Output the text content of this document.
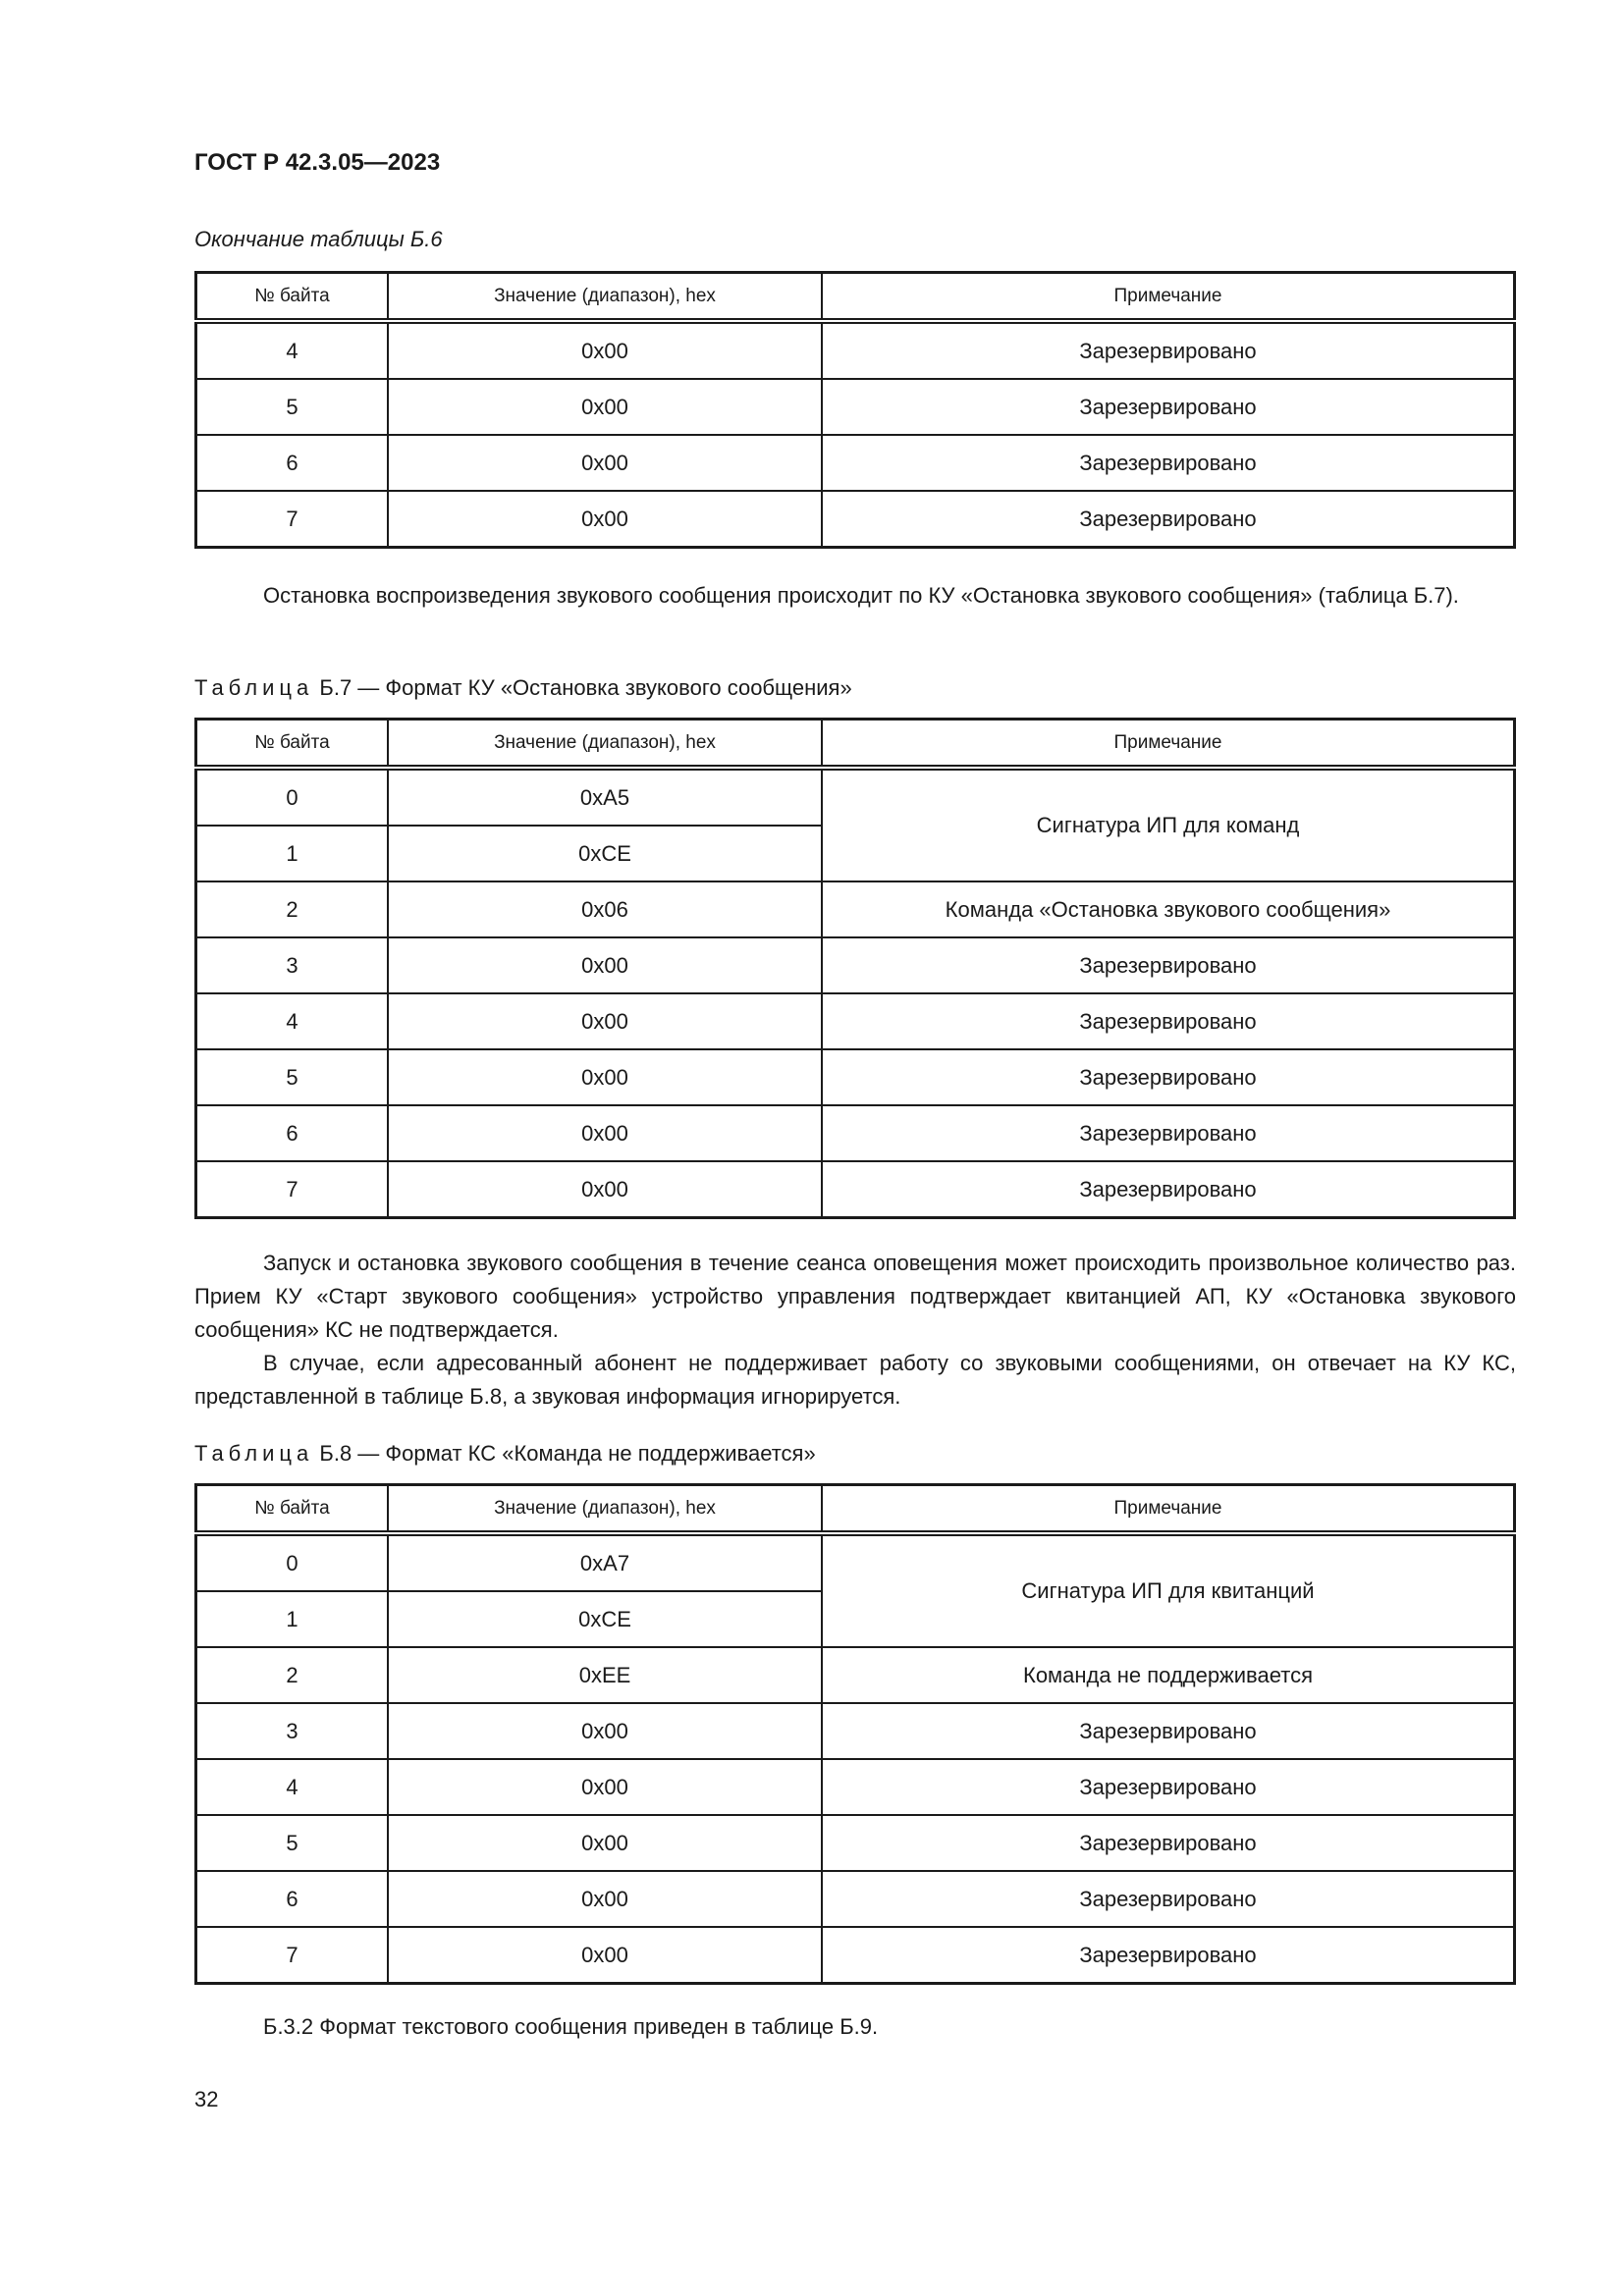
ГОСТ Р 42.3.05—2023
Окончание таблицы Б.6
№ байта	Значение (диапазон), hex	Примечание
4	0x00	Зарезервировано
5	0x00	Зарезервировано
6	0x00	Зарезервировано
7	0x00	Зарезервировано

Остановка воспроизведения звукового сообщения происходит по КУ «Остановка звукового сообщения» (таблица Б.7).

Таблица Б.7 — Формат КУ «Остановка звукового сообщения»
№ байта	Значение (диапазон), hex	Примечание
0	0xA5	Сигнатура ИП для команд
1	0xCE	
2	0x06	Команда «Остановка звукового сообщения»
3	0x00	Зарезервировано
4	0x00	Зарезервировано
5	0x00	Зарезервировано
6	0x00	Зарезервировано
7	0x00	Зарезервировано

Запуск и остановка звукового сообщения в течение сеанса оповещения может происходить произвольное количество раз. Прием КУ «Старт звукового сообщения» устройство управления подтверждает квитанцией АП, КУ «Остановка звукового сообщения» КС не подтверждается.

В случае, если адресованный абонент не поддерживает работу со звуковыми сообщениями, он отвечает на КУ КС, представленной в таблице Б.8, а звуковая информация игнорируется.

Таблица Б.8 — Формат КС «Команда не поддерживается»
№ байта	Значение (диапазон), hex	Примечание
0	0xA7	Сигнатура ИП для квитанций
1	0xCE	
2	0xEE	Команда не поддерживается
3	0x00	Зарезервировано
4	0x00	Зарезервировано
5	0x00	Зарезервировано
6	0x00	Зарезервировано
7	0x00	Зарезервировано

Б.3.2 Формат текстового сообщения приведен в таблице Б.9.

32
